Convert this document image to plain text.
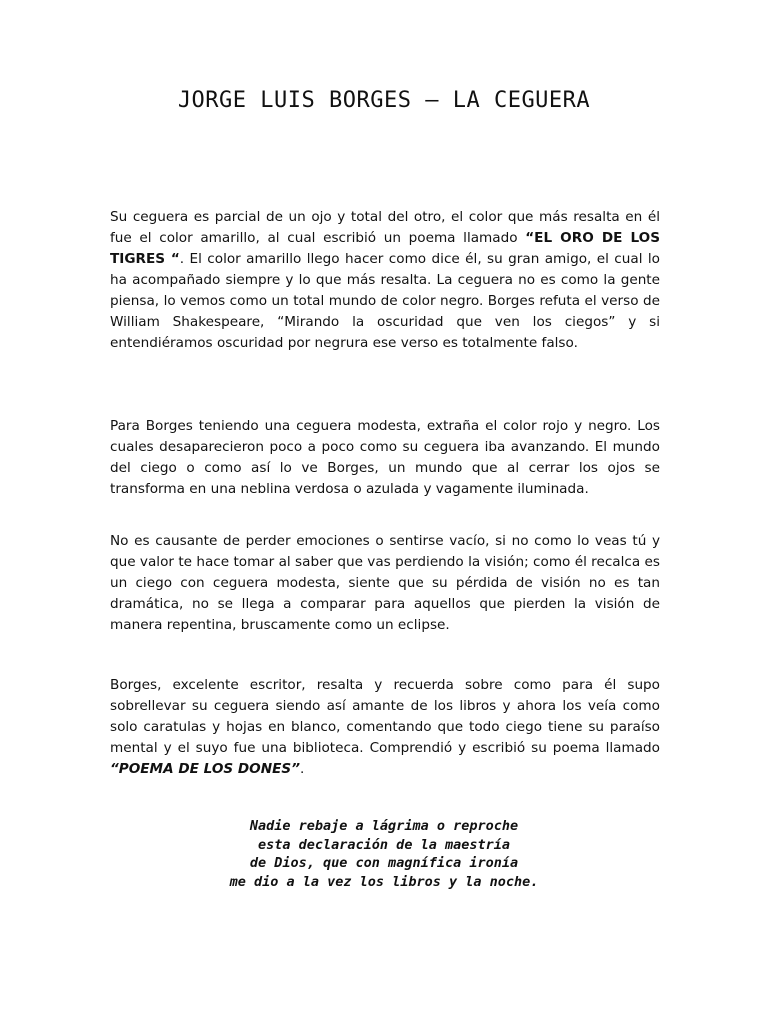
JORGE LUIS BORGES – LA CEGUERA
Su ceguera es parcial de un ojo y total del otro, el color que más resalta en él fue el color amarillo, al cual escribió un poema llamado “EL ORO DE LOS TIGRES “. El color amarillo llego hacer como dice él, su gran amigo, el cual lo ha acompañado siempre y lo que más resalta. La ceguera no es como la gente piensa, lo vemos como un total mundo de color negro. Borges refuta el verso de William Shakespeare, “Mirando la oscuridad que ven los ciegos” y si entendiéramos oscuridad por negrura ese verso es totalmente falso.
Para Borges teniendo una ceguera modesta, extraña el color rojo y negro. Los cuales desaparecieron poco a poco como su ceguera iba avanzando. El mundo del ciego o como así lo ve Borges, un mundo que al cerrar los ojos se transforma en una neblina verdosa o azulada y vagamente iluminada.
No es causante de perder emociones o sentirse vacío, si no como lo veas tú y que valor te hace tomar al saber que vas perdiendo la visión; como él recalca es un ciego con ceguera modesta, siente que su pérdida de visión no es tan dramática, no se llega a comparar para aquellos que pierden la visión de manera repentina, bruscamente como un eclipse.
Borges, excelente escritor, resalta y recuerda sobre como para él supo sobrellevar su ceguera siendo así amante de los libros y ahora los veía como solo caratulas y hojas en blanco, comentando que todo ciego tiene su paraíso mental y el suyo fue una biblioteca. Comprendió y escribió su poema llamado “POEMA DE LOS DONES”.
Nadie rebaje a lágrima o reproche
esta declaración de la maestría
de Dios, que con magnífica ironía
me dio a la vez los libros y la noche.
